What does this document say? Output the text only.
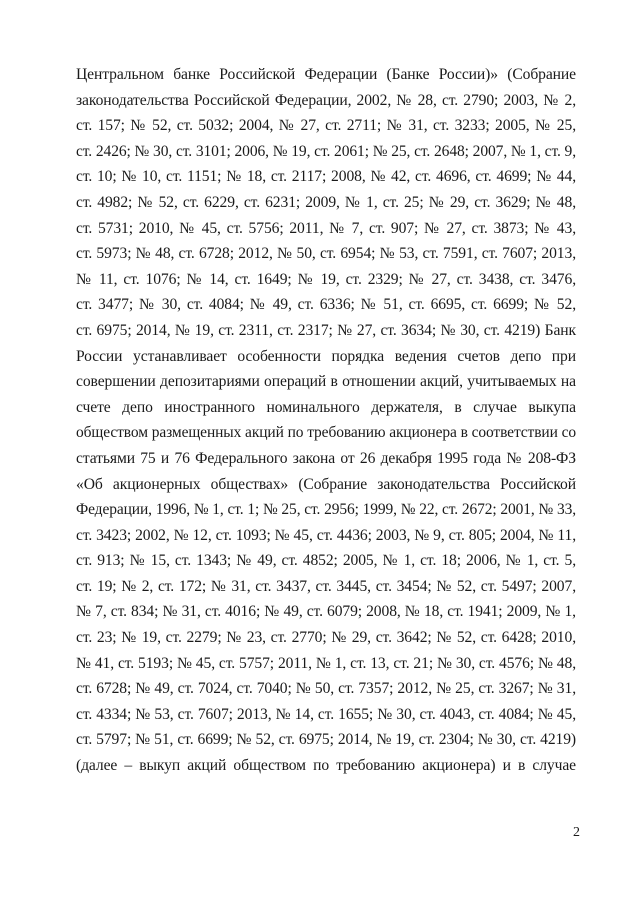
Центральном банке Российской Федерации (Банке России)» (Собрание
законодательства Российской Федерации, 2002, № 28, ст. 2790; 2003, № 2,
ст. 157; № 52, ст. 5032; 2004, № 27, ст. 2711; № 31, ст. 3233; 2005, № 25,
ст. 2426; № 30, ст. 3101; 2006, № 19, ст. 2061; № 25, ст. 2648; 2007, № 1, ст. 9,
ст. 10; № 10, ст. 1151; № 18, ст. 2117; 2008, № 42, ст. 4696, ст. 4699; № 44,
ст. 4982; № 52, ст. 6229, ст. 6231; 2009, № 1, ст. 25; № 29, ст. 3629; № 48,
ст. 5731; 2010, № 45, ст. 5756; 2011, № 7, ст. 907; № 27, ст. 3873; № 43,
ст. 5973; № 48, ст. 6728; 2012, № 50, ст. 6954; № 53, ст. 7591, ст. 7607; 2013,
№ 11, ст. 1076; № 14, ст. 1649; № 19, ст. 2329; № 27, ст. 3438, ст. 3476,
ст. 3477; № 30, ст. 4084; № 49, ст. 6336; № 51, ст. 6695, ст. 6699; № 52,
ст. 6975; 2014, № 19, ст. 2311, ст. 2317; № 27, ст. 3634; № 30, ст. 4219) Банк
России устанавливает особенности порядка ведения счетов депо при
совершении депозитариями операций в отношении акций, учитываемых на
счете депо иностранного номинального держателя, в случае выкупа
обществом размещенных акций по требованию акционера в соответствии со
статьями 75 и 76 Федерального закона от 26 декабря 1995 года № 208-ФЗ
«Об акционерных обществах» (Собрание законодательства Российской
Федерации, 1996, № 1, ст. 1; № 25, ст. 2956; 1999, № 22, ст. 2672; 2001, № 33,
ст. 3423; 2002, № 12, ст. 1093; № 45, ст. 4436; 2003, № 9, ст. 805; 2004, № 11,
ст. 913; № 15, ст. 1343; № 49, ст. 4852; 2005, № 1, ст. 18; 2006, № 1, ст. 5,
ст. 19; № 2, ст. 172; № 31, ст. 3437, ст. 3445, ст. 3454; № 52, ст. 5497; 2007,
№ 7, ст. 834; № 31, ст. 4016; № 49, ст. 6079; 2008, № 18, ст. 1941; 2009, № 1,
ст. 23; № 19, ст. 2279; № 23, ст. 2770; № 29, ст. 3642; № 52, ст. 6428; 2010,
№ 41, ст. 5193; № 45, ст. 5757; 2011, № 1, ст. 13, ст. 21; № 30, ст. 4576; № 48,
ст. 6728; № 49, ст. 7024, ст. 7040; № 50, ст. 7357; 2012, № 25, ст. 3267; № 31,
ст. 4334; № 53, ст. 7607; 2013, № 14, ст. 1655; № 30, ст. 4043, ст. 4084; № 45,
ст. 5797; № 51, ст. 6699; № 52, ст. 6975; 2014, № 19, ст. 2304; № 30, ст. 4219)
(далее – выкуп акций обществом по требованию акционера) и в случае
2
